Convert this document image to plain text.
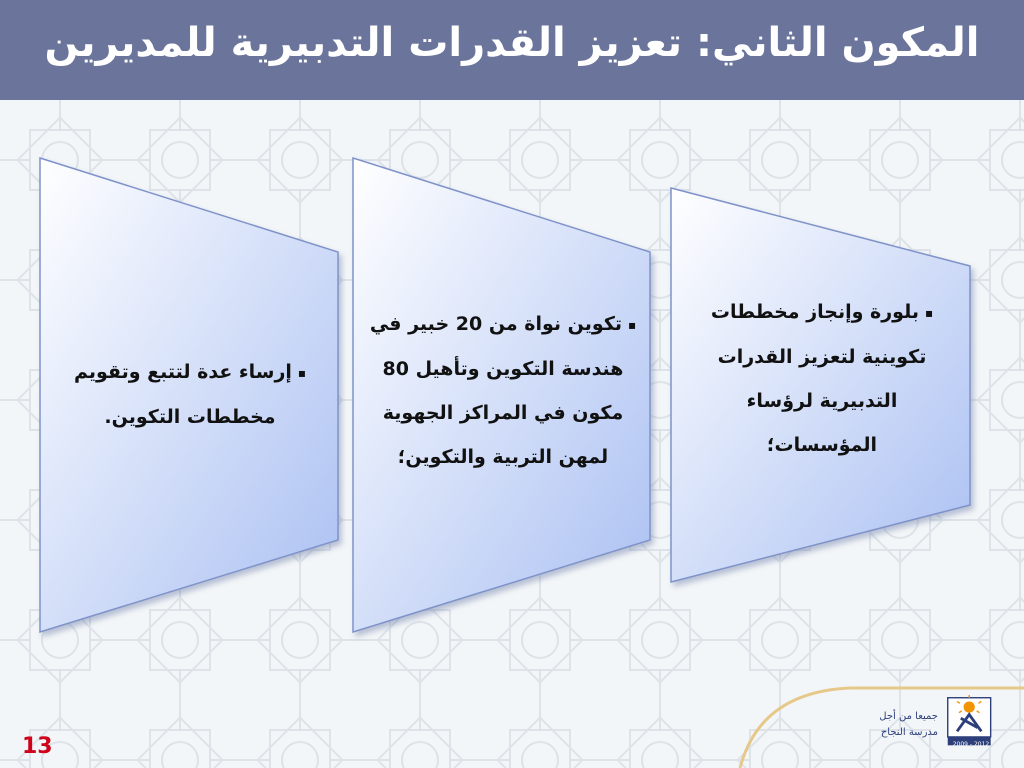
المكون الثاني: تعزيز القدرات التدبيرية للمديرين
▪بلورة وإنجاز مخططات
تكوينية لتعزيز القدرات
التدبيرية لرؤساء
المؤسسات؛
▪تكوين نواة من 20 خبير في
هندسة التكوين وتأهيل 80
مكون في المراكز الجهوية
لمهن التربية والتكوين؛
▪إرساء عدة لتتبع وتقويم
مخططات التكوين.
13
جميعا من أجل
مدرسة النجاح
2009 - 2012
